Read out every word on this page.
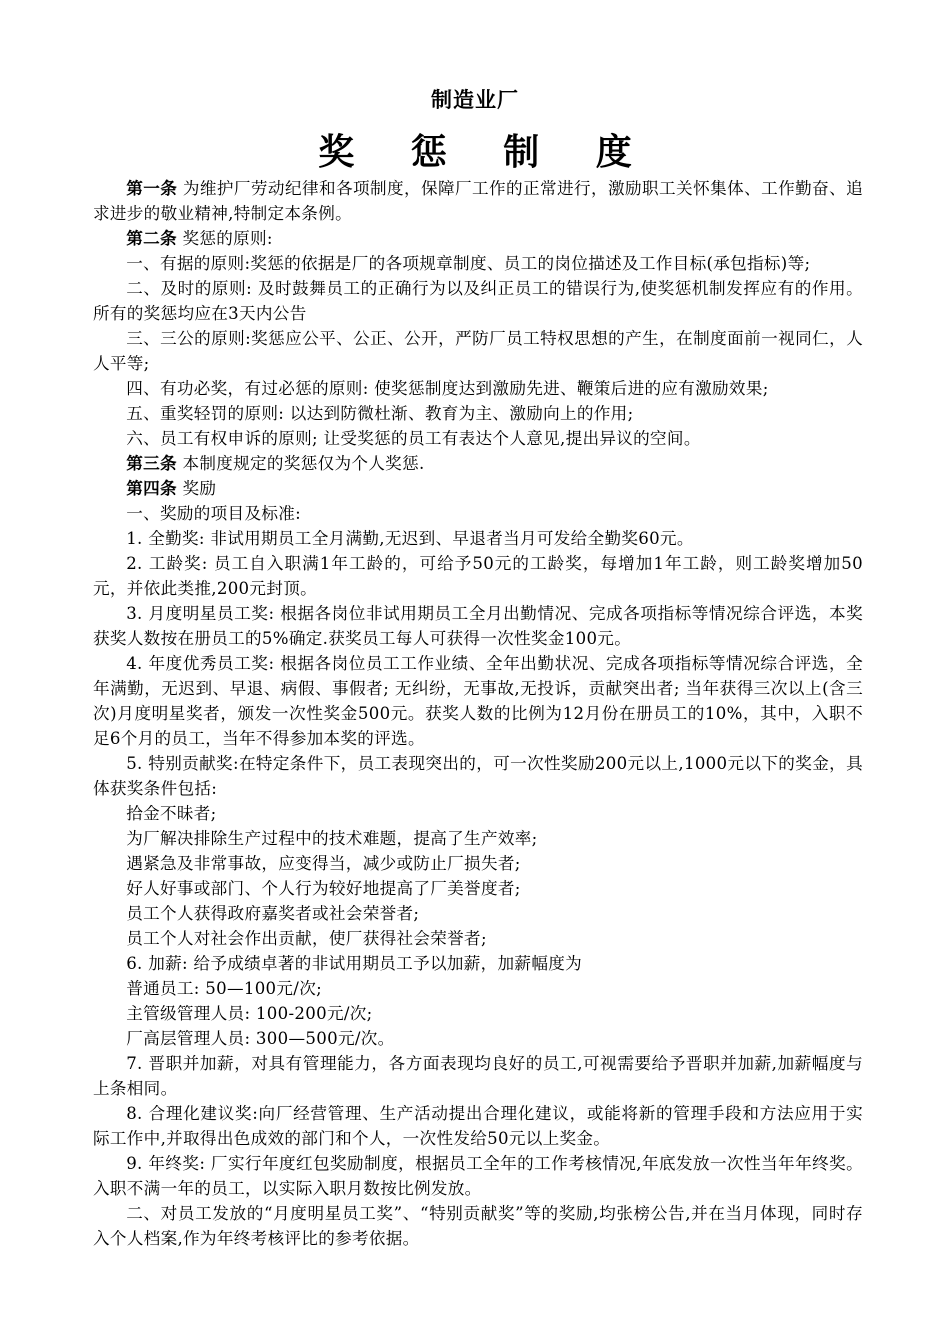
制造业厂
奖 惩 制 度

第一条 为维护厂劳动纪律和各项制度，保障厂工作的正常进行，激励职工关怀集体、工作勤奋、追求进步的敬业精神,特制定本条例。

第二条 奖惩的原则:

一、有据的原则:奖惩的依据是厂的各项规章制度、员工的岗位描述及工作目标(承包指标)等;

二、及时的原则: 及时鼓舞员工的正确行为以及纠正员工的错误行为,使奖惩机制发挥应有的作用。所有的奖惩均应在3天内公告

三、三公的原则:奖惩应公平、公正、公开，严防厂员工特权思想的产生，在制度面前一视同仁，人人平等;

四、有功必奖，有过必惩的原则: 使奖惩制度达到激励先进、鞭策后进的应有激励效果;

五、重奖轻罚的原则: 以达到防微杜渐、教育为主、激励向上的作用;

六、员工有权申诉的原则; 让受奖惩的员工有表达个人意见,提出异议的空间。

第三条 本制度规定的奖惩仅为个人奖惩.

第四条 奖励

一、奖励的项目及标准:

1. 全勤奖: 非试用期员工全月满勤,无迟到、早退者当月可发给全勤奖60元。

2. 工龄奖: 员工自入职满1年工龄的，可给予50元的工龄奖，每增加1年工龄，则工龄奖增加50元，并依此类推,200元封顶。

3. 月度明星员工奖: 根据各岗位非试用期员工全月出勤情况、完成各项指标等情况综合评选，本奖获奖人数按在册员工的5%确定.获奖员工每人可获得一次性奖金100元。

4. 年度优秀员工奖: 根据各岗位员工工作业绩、全年出勤状况、完成各项指标等情况综合评选，全年满勤，无迟到、早退、病假、事假者; 无纠纷，无事故,无投诉，贡献突出者; 当年获得三次以上(含三次)月度明星奖者，颁发一次性奖金500元。获奖人数的比例为12月份在册员工的10%，其中，入职不足6个月的员工，当年不得参加本奖的评选。

5. 特别贡献奖:在特定条件下，员工表现突出的，可一次性奖励200元以上,1000元以下的奖金，具体获奖条件包括:

拾金不昧者;

为厂解决排除生产过程中的技术难题，提高了生产效率;

遇紧急及非常事故，应变得当，减少或防止厂损失者;

好人好事或部门、个人行为较好地提高了厂美誉度者;

员工个人获得政府嘉奖者或社会荣誉者;

员工个人对社会作出贡献，使厂获得社会荣誉者;

6. 加薪: 给予成绩卓著的非试用期员工予以加薪，加薪幅度为

普通员工: 50—100元/次;

主管级管理人员: 100-200元/次;

厂高层管理人员: 300—500元/次。

7. 晋职并加薪，对具有管理能力，各方面表现均良好的员工,可视需要给予晋职并加薪,加薪幅度与上条相同。

8. 合理化建议奖:向厂经营管理、生产活动提出合理化建议，或能将新的管理手段和方法应用于实际工作中,并取得出色成效的部门和个人，一次性发给50元以上奖金。

9. 年终奖: 厂实行年度红包奖励制度，根据员工全年的工作考核情况,年底发放一次性当年年终奖。入职不满一年的员工，以实际入职月数按比例发放。

二、对员工发放的“月度明星员工奖”、“特别贡献奖”等的奖励,均张榜公告,并在当月体现，同时存入个人档案,作为年终考核评比的参考依据。
